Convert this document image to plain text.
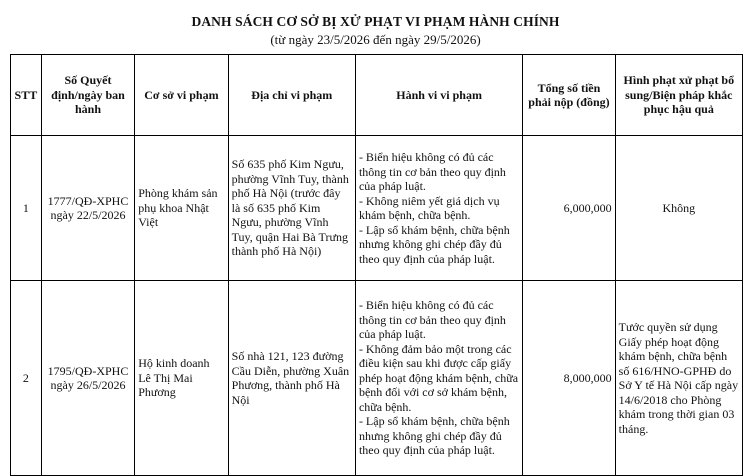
DANH SÁCH CƠ SỞ BỊ XỬ PHẠT VI PHẠM HÀNH CHÍNH
(từ ngày 23/5/2026 đến ngày 29/5/2026)
STT	Số Quyết định/ngày ban hành	Cơ sở vi phạm	Địa chỉ vi phạm	Hành vi vi phạm	Tổng số tiền phải nộp (đồng)	Hình phạt xử phạt bổ sung/Biện pháp khắc phục hậu quả
1	1777/QĐ-XPHC ngày 22/5/2026	Phòng khám sản phụ khoa Nhật Việt	Số 635 phố Kim Ngưu, phường Vĩnh Tuy, thành phố Hà Nội (trước đây là số 635 phố Kim Ngưu, phường Vĩnh Tuy, quận Hai Bà Trưng thành phố Hà Nội)	- Biển hiệu không có đủ các thông tin cơ bản theo quy định của pháp luật.
- Không niêm yết giá dịch vụ khám bệnh, chữa bệnh.
- Lập sổ khám bệnh, chữa bệnh nhưng không ghi chép đầy đủ theo quy định của pháp luật.	6,000,000	Không
2	1795/QĐ-XPHC ngày 26/5/2026	Hộ kinh doanh Lê Thị Mai Phương	Số nhà 121, 123 đường Cầu Diễn, phường Xuân Phương, thành phố Hà Nội	- Biển hiệu không có đủ các thông tin cơ bản theo quy định của pháp luật.
- Không đảm bảo một trong các điều kiện sau khi được cấp giấy phép hoạt động khám bệnh, chữa bệnh đối với cơ sở khám bệnh, chữa bệnh.
- Lập sổ khám bệnh, chữa bệnh nhưng không ghi chép đầy đủ theo quy định của pháp luật.	8,000,000	Tước quyền sử dụng Giấy phép hoạt động khám bệnh, chữa bệnh số 616/HNO-GPHĐ do Sở Y tế Hà Nội cấp ngày 14/6/2018 cho Phòng khám trong thời gian 03 tháng.
